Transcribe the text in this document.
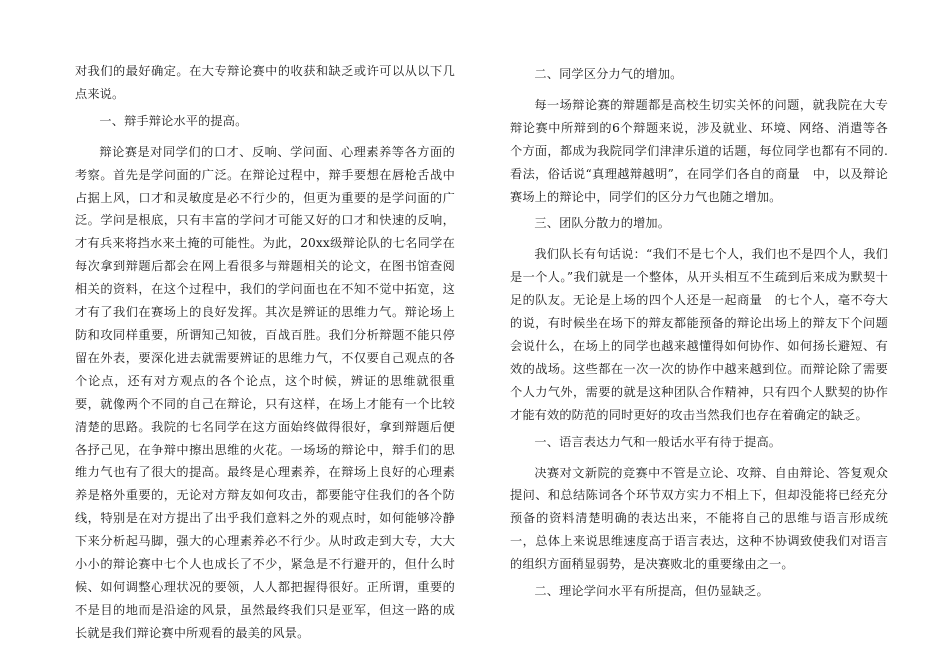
对我们的最好确定。在大专辩论赛中的收获和缺乏或许可以从以下几点来说。

一、辩手辩论水平的提高。

辩论赛是对同学们的口才、反响、学问面、心理素养等各方面的考察。首先是学问面的广泛。在辩论过程中，辩手要想在唇枪舌战中占据上风，口才和灵敏度是必不行少的，但更为重要的是学问面的广泛。学问是根底，只有丰富的学问才可能又好的口才和快速的反响，才有兵来将挡水来土掩的可能性。为此，20xx级辩论队的七名同学在每次拿到辩题后都会在网上看很多与辩题相关的论文，在图书馆查阅相关的资料，在这个过程中，我们的学问面也在不知不觉中拓宽，这才有了我们在赛场上的良好发挥。其次是辨证的思维力气。辩论场上防和攻同样重要，所谓知己知彼，百战百胜。我们分析辩题不能只停留在外表，要深化进去就需要辨证的思维力气，不仅要自己观点的各个论点，还有对方观点的各个论点，这个时候，辨证的思维就很重要，就像两个不同的自己在辩论，只有这样，在场上才能有一个比较清楚的思路。我院的七名同学在这方面始终做得很好，拿到辩题后便各抒己见，在争辩中擦出思维的火花。一场场的辩论中，辩手们的思维力气也有了很大的提高。最终是心理素养，在辩场上良好的心理素养是格外重要的，无论对方辩友如何攻击，都要能守住我们的各个防线，特别是在对方提出了出乎我们意料之外的观点时，如何能够冷静下来分析起马脚，强大的心理素养必不行少。从时政走到大专，大大小小的辩论赛中七个人也成长了不少，紧急是不行避开的，但什么时候、如何调整心理状况的要领，人人都把握得很好。正所谓，重要的不是目的地而是沿途的风景，虽然最终我们只是亚军，但这一路的成长就是我们辩论赛中所观看的最美的风景。

二、同学区分力气的增加。

每一场辩论赛的辩题都是高校生切实关怀的问题，就我院在大专辩论赛中所辩到的6个辩题来说，涉及就业、环境、网络、消遣等各个方面，都成为我院同学们津津乐道的话题，每位同学也都有不同的.看法，俗话说“真理越辩越明”，在同学们各自的商量　中，以及辩论赛场上的辩论中，同学们的区分力气也随之增加。

三、团队分散力的增加。

我们队长有句话说：“我们不是七个人，我们也不是四个人，我们是一个人。”我们就是一个整体，从开头相互不生疏到后来成为默契十足的队友。无论是上场的四个人还是一起商量　的七个人，毫不夸大的说，有时候坐在场下的辩友都能预备的辩论出场上的辩友下个问题会说什么，在场上的同学也越来越懂得如何协作、如何扬长避短、有效的战场。这些都在一次一次的协作中越来越到位。而辩论除了需要个人力气外，需要的就是这种团队合作精神，只有四个人默契的协作才能有效的防范的同时更好的攻击当然我们也存在着确定的缺乏。

一、语言表达力气和一般话水平有待于提高。

决赛对文新院的竞赛中不管是立论、攻辩、自由辩论、答复观众提问、和总结陈词各个环节双方实力不相上下，但却没能将已经充分预备的资料清楚明确的表达出来，不能将自己的思维与语言形成统一，总体上来说思维速度高于语言表达，这种不协调致使我们对语言的组织方面稍显弱势，是决赛败北的重要缘由之一。

二、理论学问水平有所提高，但仍显缺乏。
